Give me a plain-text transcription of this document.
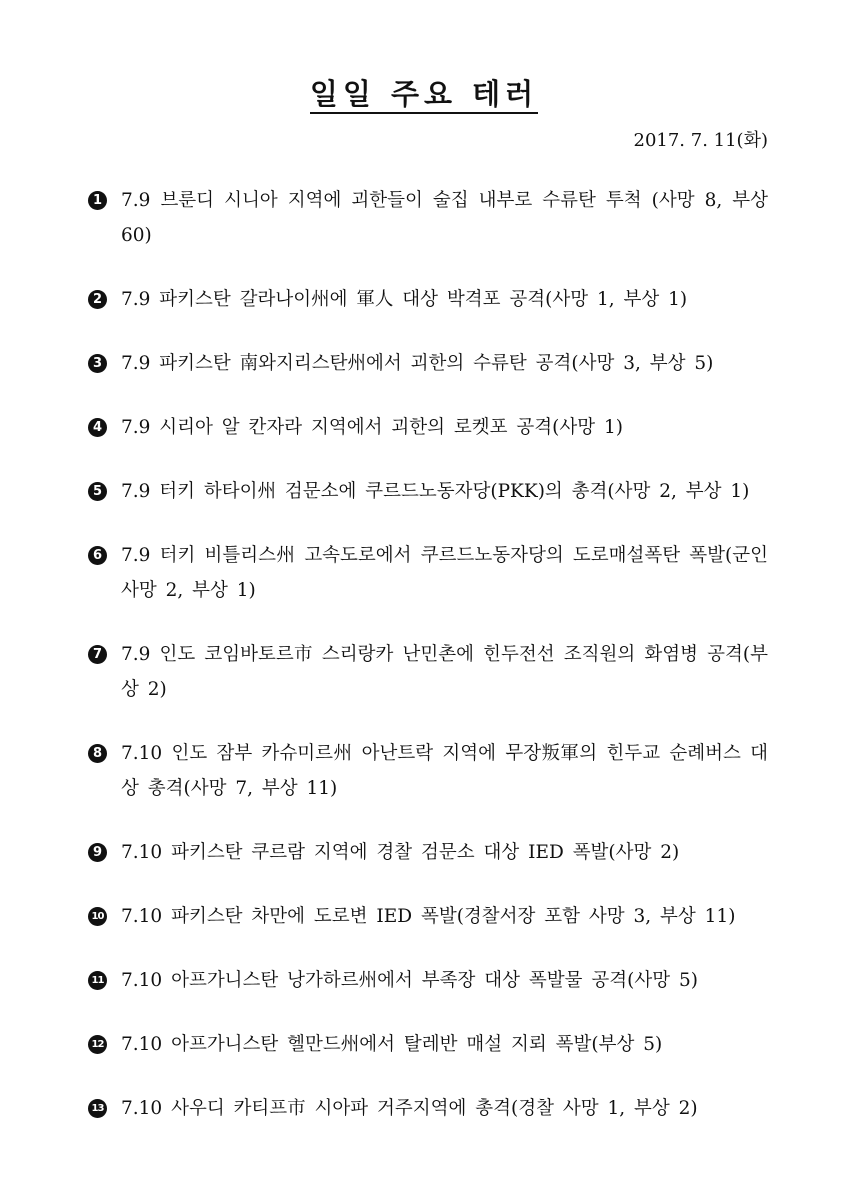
일일 주요 테러
2017. 7. 11(화)
1 7.9 브룬디 시니아 지역에 괴한들이 술집 내부로 수류탄 투척 (사망 8, 부상 60)
2 7.9 파키스탄 갈라나이州에 軍人 대상 박격포 공격(사망 1, 부상 1)
3 7.9 파키스탄 南와지리스탄州에서 괴한의 수류탄 공격(사망 3, 부상 5)
4 7.9 시리아 알 칸자라 지역에서 괴한의 로켓포 공격(사망 1)
5 7.9 터키 하타이州 검문소에 쿠르드노동자당(PKK)의 총격(사망 2, 부상 1)
6 7.9 터키 비틀리스州 고속도로에서 쿠르드노동자당의 도로매설폭탄 폭발(군인 사망 2, 부상 1)
7 7.9 인도 코임바토르市 스리랑카 난민촌에 힌두전선 조직원의 화염병 공격(부상 2)
8 7.10 인도 잠부 카슈미르州 아난트락 지역에 무장叛軍의 힌두교 순례버스 대상 총격(사망 7, 부상 11)
9 7.10 파키스탄 쿠르람 지역에 경찰 검문소 대상 IED 폭발(사망 2)
10 7.10 파키스탄 차만에 도로변 IED 폭발(경찰서장 포함 사망 3, 부상 11)
11 7.10 아프가니스탄 낭가하르州에서 부족장 대상 폭발물 공격(사망 5)
12 7.10 아프가니스탄 헬만드州에서 탈레반 매설 지뢰 폭발(부상 5)
13 7.10 사우디 카티프市 시아파 거주지역에 총격(경찰 사망 1, 부상 2)
